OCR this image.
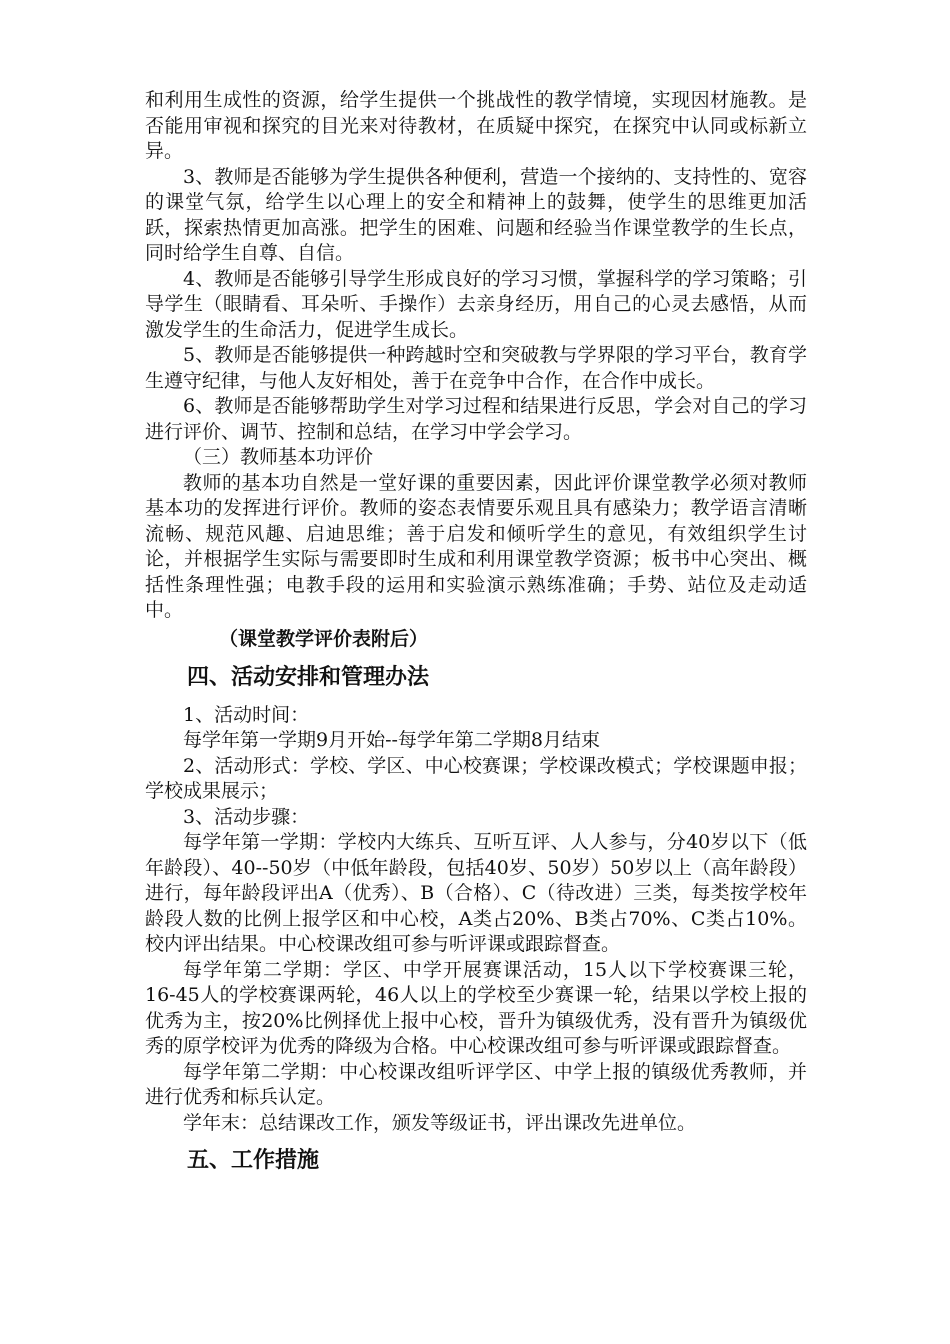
和利用生成性的资源，给学生提供一个挑战性的教学情境，实现因材施教。是否能用审视和探究的目光来对待教材，在质疑中探究，在探究中认同或标新立异。

3、教师是否能够为学生提供各种便利，营造一个接纳的、支持性的、宽容的课堂气氛，给学生以心理上的安全和精神上的鼓舞，使学生的思维更加活跃，探索热情更加高涨。把学生的困难、问题和经验当作课堂教学的生长点，同时给学生自尊、自信。

4、教师是否能够引导学生形成良好的学习习惯，掌握科学的学习策略；引导学生（眼睛看、耳朵听、手操作）去亲身经历，用自己的心灵去感悟，从而激发学生的生命活力，促进学生成长。

5、教师是否能够提供一种跨越时空和突破教与学界限的学习平台，教育学生遵守纪律，与他人友好相处，善于在竞争中合作，在合作中成长。

6、教师是否能够帮助学生对学习过程和结果进行反思，学会对自己的学习进行评价、调节、控制和总结，在学习中学会学习。

（三）教师基本功评价

教师的基本功自然是一堂好课的重要因素，因此评价课堂教学必须对教师基本功的发挥进行评价。教师的姿态表情要乐观且具有感染力；教学语言清晰流畅、规范风趣、启迪思维；善于启发和倾听学生的意见，有效组织学生讨论，并根据学生实际与需要即时生成和利用课堂教学资源；板书中心突出、概括性条理性强；电教手段的运用和实验演示熟练准确；手势、站位及走动适中。

（课堂教学评价表附后）

四、活动安排和管理办法

1、活动时间：

每学年第一学期9月开始--每学年第二学期8月结束

2、活动形式：学校、学区、中心校赛课；学校课改模式；学校课题申报；学校成果展示；

3、活动步骤：

每学年第一学期：学校内大练兵、互听互评、人人参与，分40岁以下（低年龄段）、40--50岁（中低年龄段，包括40岁、50岁）50岁以上（高年龄段）进行，每年龄段评出A（优秀）、B（合格）、C（待改进）三类，每类按学校年龄段人数的比例上报学区和中心校，A类占20%、B类占70%、C类占10%。校内评出结果。中心校课改组可参与听评课或跟踪督查。

每学年第二学期：学区、中学开展赛课活动，15人以下学校赛课三轮，16-45人的学校赛课两轮，46人以上的学校至少赛课一轮，结果以学校上报的优秀为主，按20%比例择优上报中心校，晋升为镇级优秀，没有晋升为镇级优秀的原学校评为优秀的降级为合格。中心校课改组可参与听评课或跟踪督查。

每学年第二学期：中心校课改组听评学区、中学上报的镇级优秀教师，并进行优秀和标兵认定。

学年末：总结课改工作，颁发等级证书，评出课改先进单位。

五、工作措施
